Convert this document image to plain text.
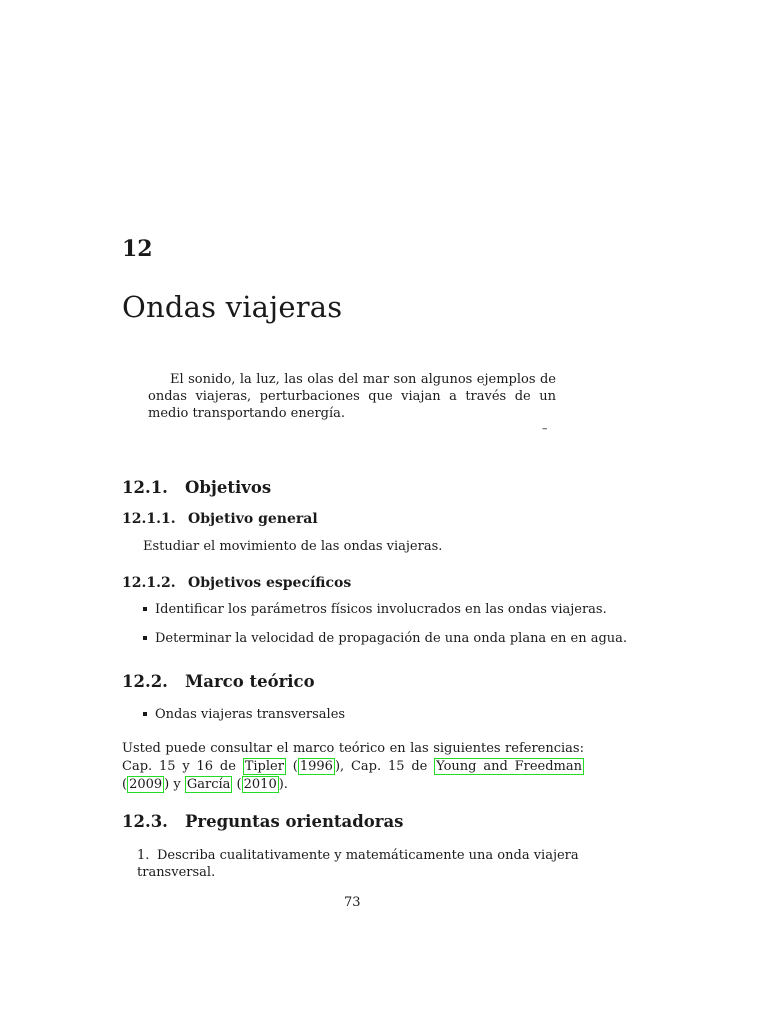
12
Ondas viajeras
El sonido, la luz, las olas del mar son algunos ejemplos de ondas viajeras, perturbaciones que viajan a través de un medio transportando energía.
–
12.1. Objetivos
12.1.1. Objetivo general
Estudiar el movimiento de las ondas viajeras.
12.1.2. Objetivos específicos
Identificar los parámetros físicos involucrados en las ondas viajeras.
Determinar la velocidad de propagación de una onda plana en en agua.
12.2. Marco teórico
Ondas viajeras transversales
Usted puede consultar el marco teórico en las siguientes referencias: Cap. 15 y 16 de Tipler ( 1996 ), Cap. 15 de Young and Freedman ( 2009 ) y García ( 2010 ).
12.3. Preguntas orientadoras
1. Describa cualitativamente y matemáticamente una onda viajera transversal.
73
